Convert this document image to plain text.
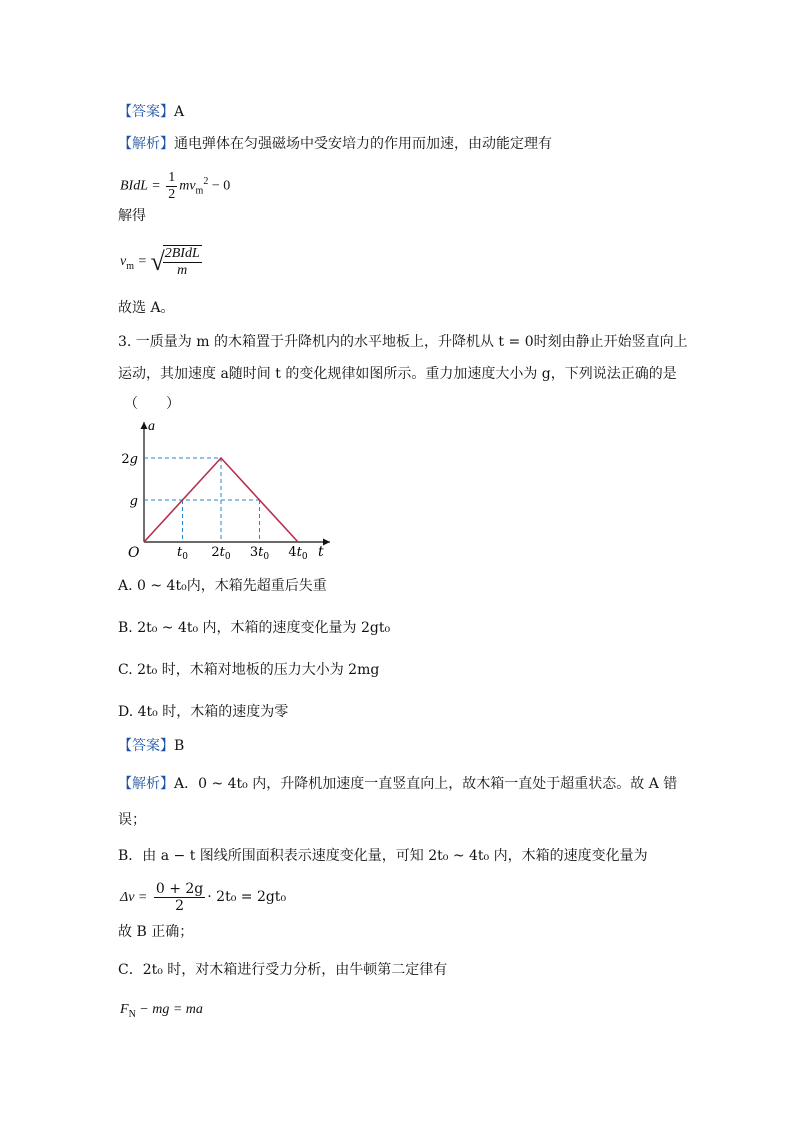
【答案】A
【解析】通电弹体在匀强磁场中受安培力的作用而加速，由动能定理有
BIdL = $\frac{1}{2} mv_m^2 - 0$
解得
$v_m$ = √
$\frac{\text{2BIdL}}{m}$
故选 A。
3. 一质量为 m 的木箱置于升降机内的水平地板上，升降机从 t = 0时刻由静止开始竖直向上
运动，其加速度 a随时间 t 的变化规律如图所示。重力加速度大小为 g，下列说法正确的是
（　　）
a
t
O
2g
g
$t_0$ $2t_0$ $3t_0$ $4t_0$
A. 0 ~ 4t₀内，木箱先超重后失重
B. 2t₀ ~ 4t₀ 内，木箱的速度变化量为 2gt₀
C. 2t₀ 时，木箱对地板的压力大小为 2mg
D. 4t₀ 时，木箱的速度为零
【答案】B
【解析】A．0 ~ 4t₀ 内，升降机加速度一直竖直向上，故木箱一直处于超重状态。故 A 错
误；
B．由 a − t 图线所围面积表示速度变化量，可知 2t₀ ~ 4t₀ 内，木箱的速度变化量为
$\Delta v = \frac{0 + 2g}{2} \cdot 2t_0 = 2gt_0$
故 B 正确；
C．2t₀ 时，对木箱进行受力分析，由牛顿第二定律有
$F_N$ − mg = ma
